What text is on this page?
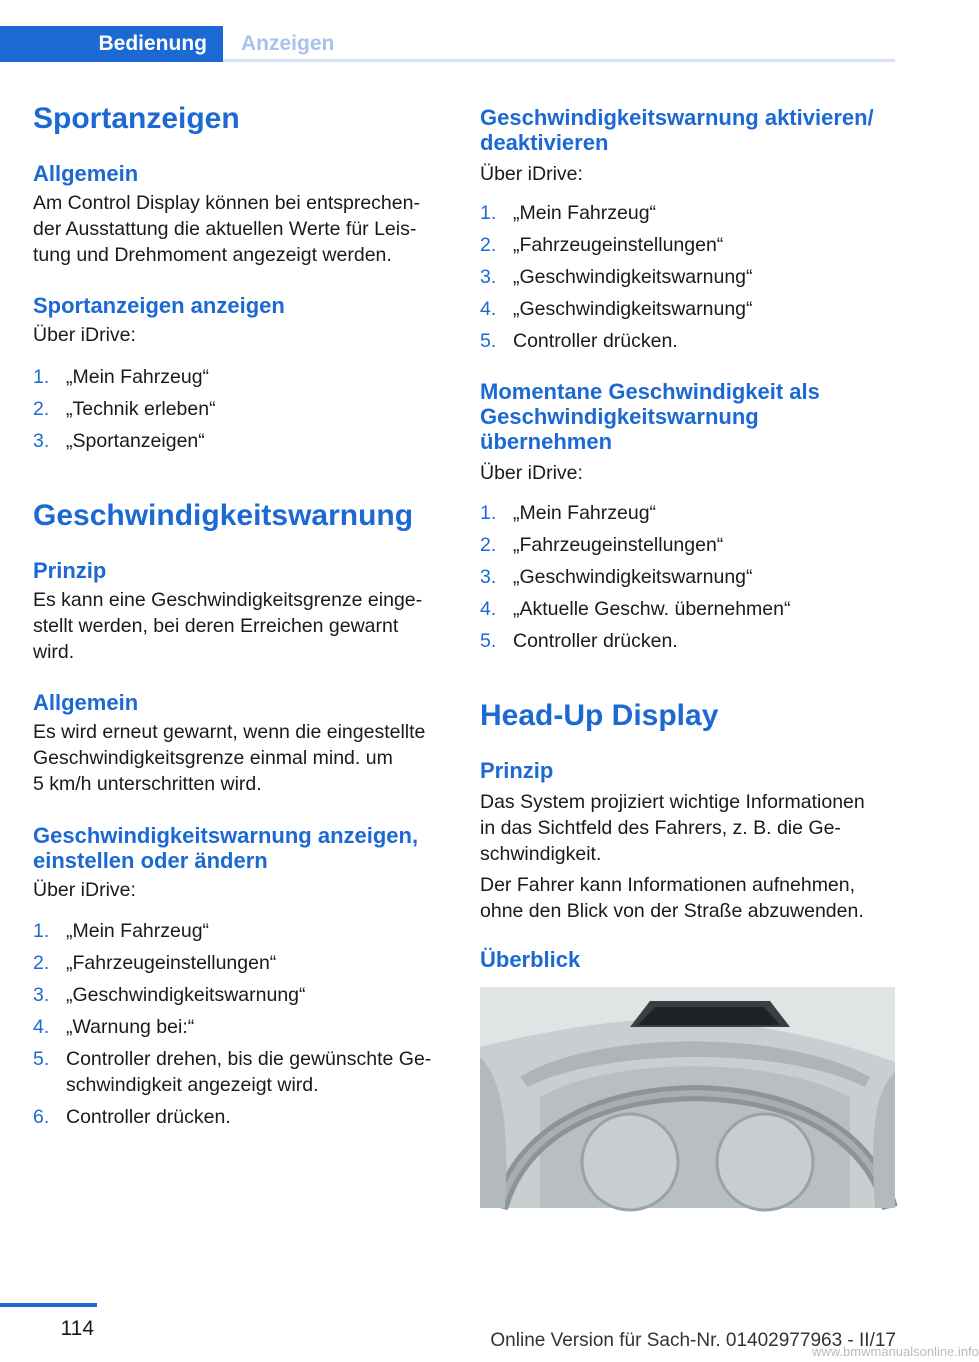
Bedienung	Anzeigen
Sportanzeigen
Allgemein
Am Control Display können bei entsprechen‐
der Ausstattung die aktuellen Werte für Leis‐
tung und Drehmoment angezeigt werden.
Sportanzeigen anzeigen
Über iDrive:
1. „Mein Fahrzeug“
2. „Technik erleben“
3. „Sportanzeigen“
Geschwindigkeitswarnung
Prinzip
Es kann eine Geschwindigkeitsgrenze einge‐
stellt werden, bei deren Erreichen gewarnt
wird.
Allgemein
Es wird erneut gewarnt, wenn die eingestellte
Geschwindigkeitsgrenze einmal mind. um
5 km/h unterschritten wird.
Geschwindigkeitswarnung anzeigen,
einstellen oder ändern
Über iDrive:
1. „Mein Fahrzeug“
2. „Fahrzeugeinstellungen“
3. „Geschwindigkeitswarnung“
4. „Warnung bei:“
5. Controller drehen, bis die gewünschte Ge‐
schwindigkeit angezeigt wird.
6. Controller drücken.
Geschwindigkeitswarnung aktivieren/
deaktivieren
Über iDrive:
1. „Mein Fahrzeug“
2. „Fahrzeugeinstellungen“
3. „Geschwindigkeitswarnung“
4. „Geschwindigkeitswarnung“
5. Controller drücken.
Momentane Geschwindigkeit als
Geschwindigkeitswarnung
übernehmen
Über iDrive:
1. „Mein Fahrzeug“
2. „Fahrzeugeinstellungen“
3. „Geschwindigkeitswarnung“
4. „Aktuelle Geschw. übernehmen“
5. Controller drücken.
Head-Up Display
Prinzip
Das System projiziert wichtige Informationen
in das Sichtfeld des Fahrers, z. B. die Ge‐
schwindigkeit.
Der Fahrer kann Informationen aufnehmen,
ohne den Blick von der Straße abzuwenden.
Überblick
114
Online Version für Sach-Nr. 01402977963 - II/17
www.bmwmanualsonline.info
